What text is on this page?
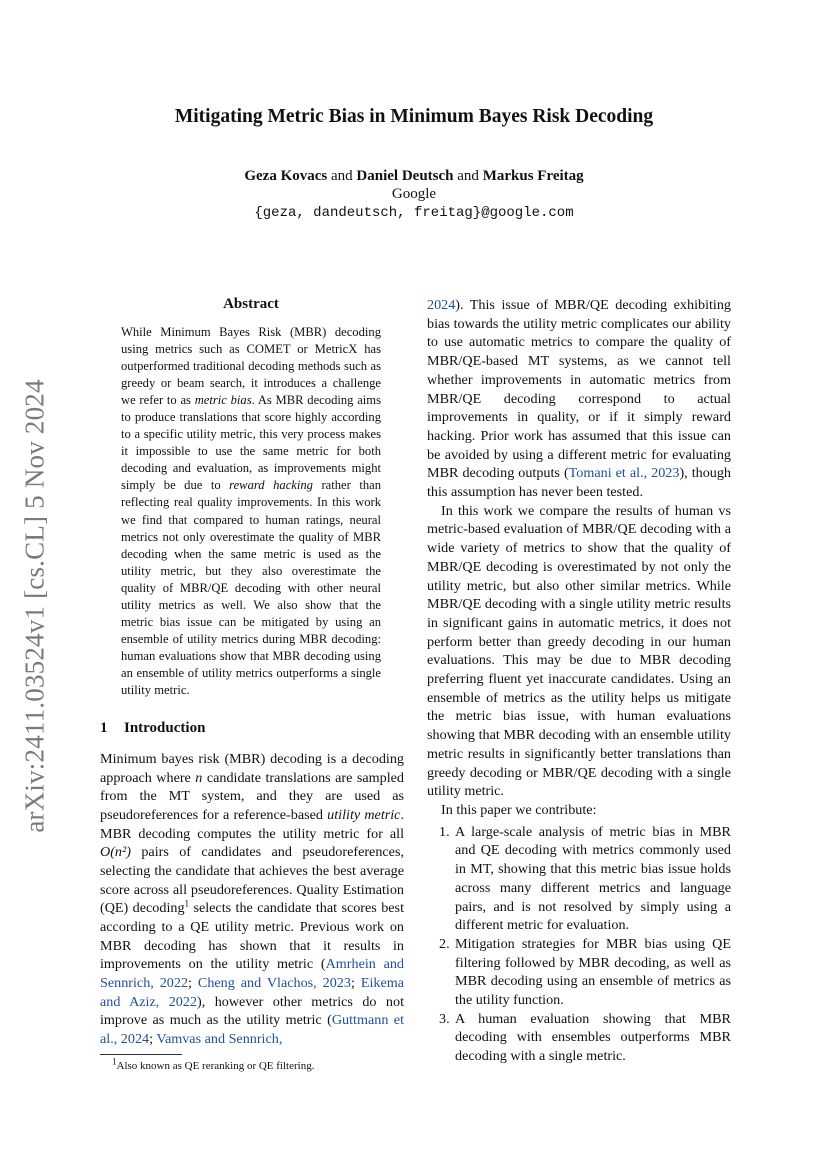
arXiv:2411.03524v1 [cs.CL] 5 Nov 2024
Mitigating Metric Bias in Minimum Bayes Risk Decoding
Geza Kovacs and Daniel Deutsch and Markus Freitag
Google
{geza, dandeutsch, freitag}@google.com
Abstract
While Minimum Bayes Risk (MBR) decoding using metrics such as COMET or MetricX has outperformed traditional decoding methods such as greedy or beam search, it introduces a challenge we refer to as metric bias. As MBR decoding aims to produce translations that score highly according to a specific utility metric, this very process makes it impossible to use the same metric for both decoding and evaluation, as improvements might simply be due to reward hacking rather than reflecting real quality improvements. In this work we find that compared to human ratings, neural metrics not only overestimate the quality of MBR decoding when the same metric is used as the utility metric, but they also overestimate the quality of MBR/QE decoding with other neural utility metrics as well. We also show that the metric bias issue can be mitigated by using an ensemble of utility metrics during MBR decoding: human evaluations show that MBR decoding using an ensemble of utility metrics outperforms a single utility metric.
1 Introduction
Minimum bayes risk (MBR) decoding is a decoding approach where n candidate translations are sampled from the MT system, and they are used as pseudoreferences for a reference-based utility metric. MBR decoding computes the utility metric for all O(n²) pairs of candidates and pseudoreferences, selecting the candidate that achieves the best average score across all pseudoreferences. Quality Estimation (QE) decoding$^1$ selects the candidate that scores best according to a QE utility metric. Previous work on MBR decoding has shown that it results in improvements on the utility metric (Amrhein and Sennrich, 2022; Cheng and Vlachos, 2023; Eikema and Aziz, 2022), however other metrics do not improve as much as the utility metric (Guttmann et al., 2024; Vamvas and Sennrich,
$^1$Also known as QE reranking or QE filtering.

2024). This issue of MBR/QE decoding exhibiting bias towards the utility metric complicates our ability to use automatic metrics to compare the quality of MBR/QE-based MT systems, as we cannot tell whether improvements in automatic metrics from MBR/QE decoding correspond to actual improvements in quality, or if it simply reward hacking. Prior work has assumed that this issue can be avoided by using a different metric for evaluating MBR decoding outputs (Tomani et al., 2023), though this assumption has never been tested.

In this work we compare the results of human vs metric-based evaluation of MBR/QE decoding with a wide variety of metrics to show that the quality of MBR/QE decoding is overestimated by not only the utility metric, but also other similar metrics. While MBR/QE decoding with a single utility metric results in significant gains in automatic metrics, it does not perform better than greedy decoding in our human evaluations. This may be due to MBR decoding preferring fluent yet inaccurate candidates. Using an ensemble of metrics as the utility helps us mitigate the metric bias issue, with human evaluations showing that MBR decoding with an ensemble utility metric results in significantly better translations than greedy decoding or MBR/QE decoding with a single utility metric.

In this paper we contribute:

1. A large-scale analysis of metric bias in MBR and QE decoding with metrics commonly used in MT, showing that this metric bias issue holds across many different metrics and language pairs, and is not resolved by simply using a different metric for evaluation.
2. Mitigation strategies for MBR bias using QE filtering followed by MBR decoding, as well as MBR decoding using an ensemble of metrics as the utility function.
3. A human evaluation showing that MBR decoding with ensembles outperforms MBR decoding with a single metric.
